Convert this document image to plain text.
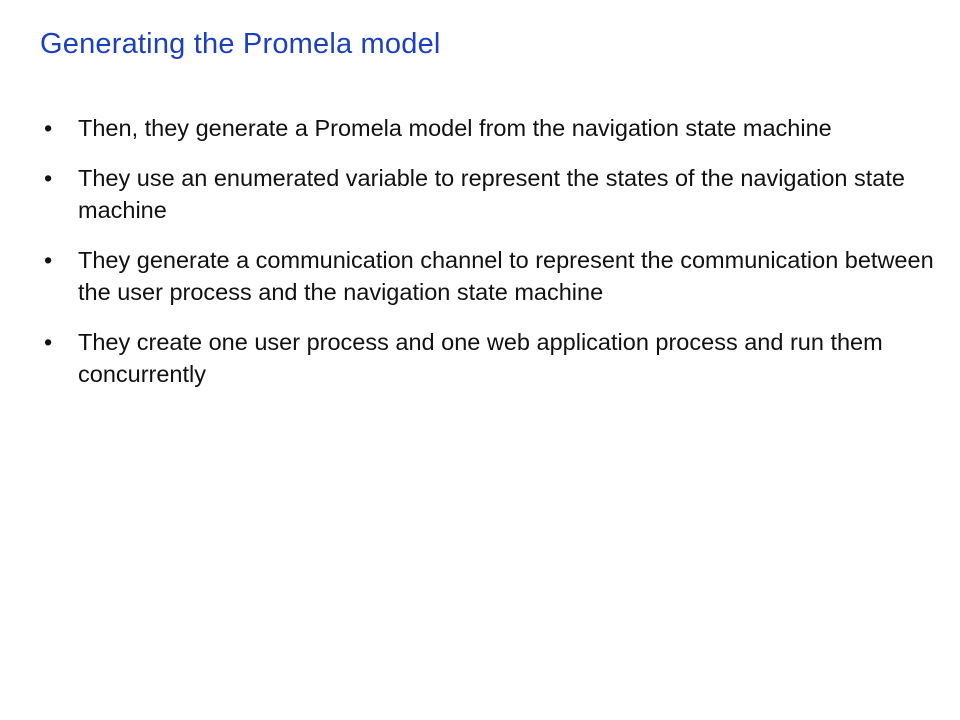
Generating the Promela model
•	Then, they generate a Promela model from the navigation state machine
•	They use an enumerated variable to represent the states of the navigation state machine
•	They generate a communication channel to represent the communication between the user process and the navigation state machine
•	They create one user process and one web application process and run them concurrently
